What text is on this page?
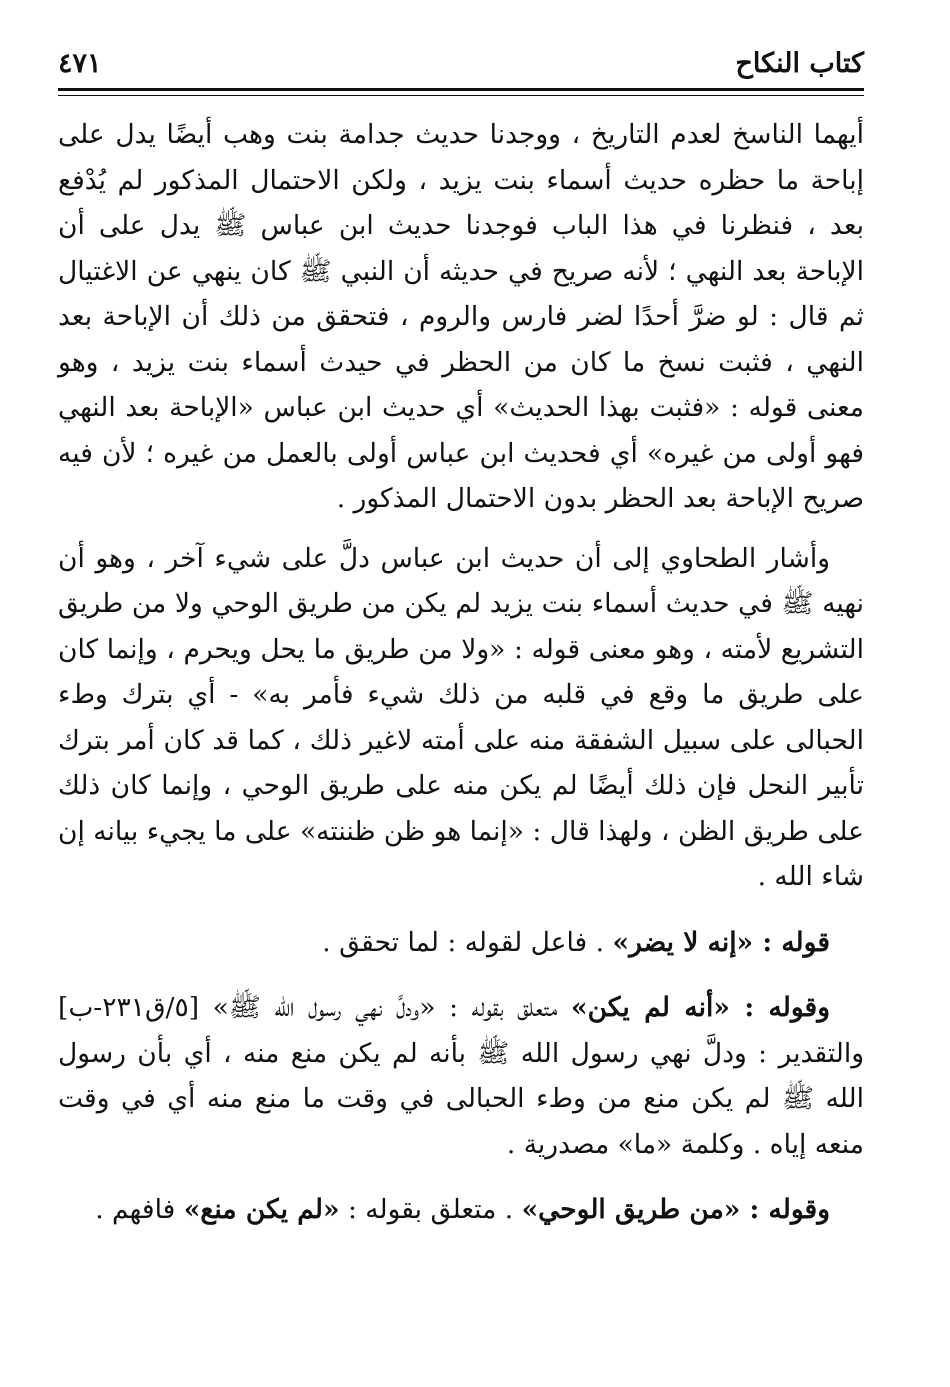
كتاب النكاح
٤٧١

أيهما الناسخ لعدم التاريخ ، ووجدنا حديث جدامة بنت وهب أيضًا يدل على إباحة ما حظره حديث أسماء بنت يزيد ، ولكن الاحتمال المذكور لم يُدْفع بعد ، فنظرنا في هذا الباب فوجدنا حديث ابن عباس ﷺ يدل على أن الإباحة بعد النهي ؛ لأنه صريح في حديثه أن النبي ﷺ كان ينهي عن الاغتيال ثم قال : لو ضرَّ أحدًا لضر فارس والروم ، فتحقق من ذلك أن الإباحة بعد النهي ، فثبت نسخ ما كان من الحظر في حيدث أسماء بنت يزيد ، وهو معنى قوله : «فثبت بهذا الحديث» أي حديث ابن عباس «الإباحة بعد النهي فهو أولى من غيره» أي فحديث ابن عباس أولى بالعمل من غيره ؛ لأن فيه صريح الإباحة بعد الحظر بدون الاحتمال المذكور .

وأشار الطحاوي إلى أن حديث ابن عباس دلَّ على شيء آخر ، وهو أن نهيه ﷺ في حديث أسماء بنت يزيد لم يكن من طريق الوحي ولا من طريق التشريع لأمته ، وهو معنى قوله : «ولا من طريق ما يحل ويحرم ، وإنما كان على طريق ما وقع في قلبه من ذلك شيء فأمر به» - أي بترك وطء الحبالى على سبيل الشفقة منه على أمته لاغير ذلك ، كما قد كان أمر بترك تأبير النحل فإن ذلك أيضًا لم يكن منه على طريق الوحي ، وإنما كان ذلك على طريق الظن ، ولهذا قال : «إنما هو ظن ظننته» على ما يجيء بيانه إن شاء الله .

قوله : «إنه لا يضر» . فاعل لقوله : لما تحقق .

وقوله : «أنه لم يكن» متعلق بقوله : «ودلَّ نهي رسول الله ﷺ» [٥/ق٢٣١-ب] والتقدير : ودلَّ نهي رسول الله ﷺ بأنه لم يكن منع منه ، أي بأن رسول الله ﷺ لم يكن منع من وطء الحبالى في وقت ما منع منه أي في وقت منعه إياه . وكلمة «ما» مصدرية .

وقوله : «من طريق الوحي» . متعلق بقوله : «لم يكن منع» فافهم .
